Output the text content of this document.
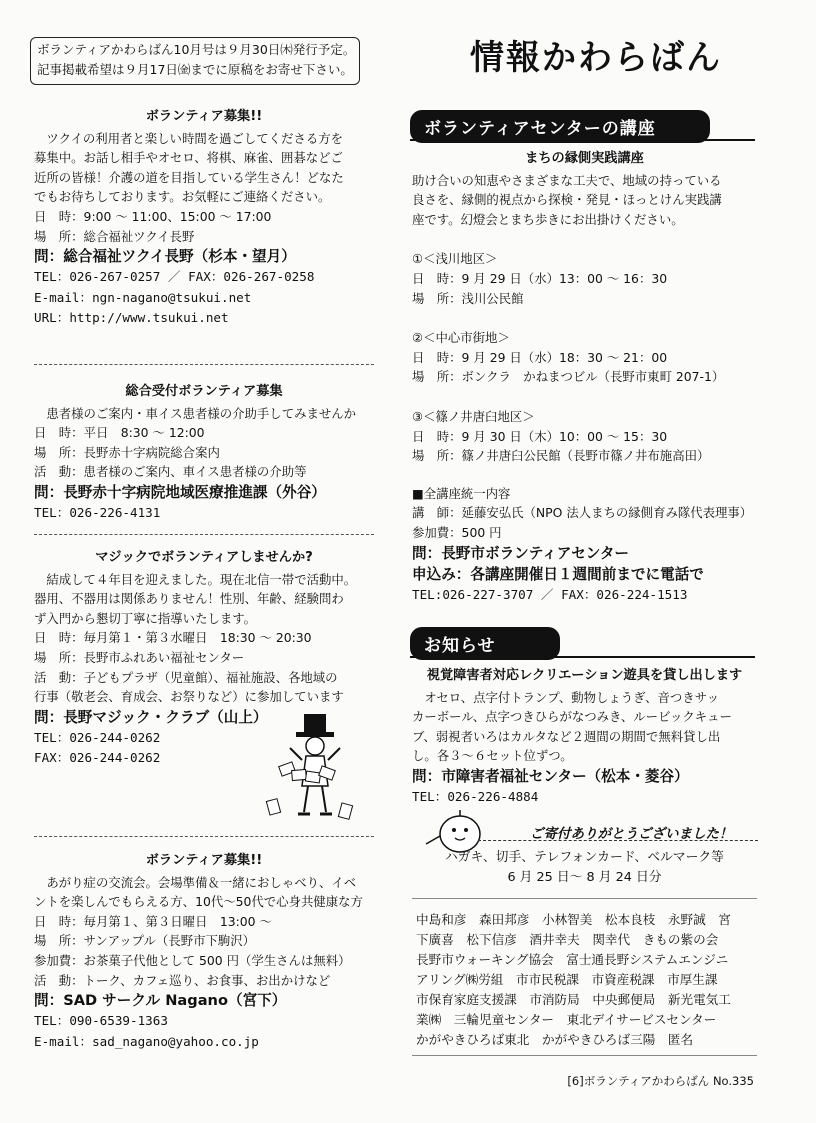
ボランティアかわらばん10月号は９月30日㈭発行予定。
記事掲載希望は９月17日㈮までに原稿をお寄せ下さい。	情報かわらばん
ボランティア募集!!
　ツクイの利用者と楽しい時間を過ごしてくださる方を
募集中。お話し相手やオセロ、将棋、麻雀、囲碁などご
近所の皆様！介護の道を目指している学生さん！どなた
でもお待ちしております。お気軽にご連絡ください。
日　時：9:00 ～ 11:00、15:00 ～ 17:00
場　所：総合福祉ツクイ長野
問：総合福祉ツクイ長野（杉本・望月）
TEL：026-267-0257 ／ FAX：026-267-0258
E-mail：ngn-nagano@tsukui.net
URL：http://www.tsukui.net
総合受付ボランティア募集
　患者様のご案内・車イス患者様の介助手してみませんか
日　時：平日　8:30 ～ 12:00
場　所：長野赤十字病院総合案内
活　動：患者様のご案内、車イス患者様の介助等
問：長野赤十字病院地域医療推進課（外谷）
TEL：026-226-4131
マジックでボランティアしませんか?
　結成して４年目を迎えました。現在北信一帯で活動中。
器用、不器用は関係ありません！性別、年齢、経験問わ
ず入門から懇切丁寧に指導いたします。
日　時：毎月第１・第３水曜日　18:30 ～ 20:30
場　所：長野市ふれあい福祉センター
活　動：子どもプラザ（児童館）、福祉施設、各地域の
行事（敬老会、育成会、お祭りなど）に参加しています
問：長野マジック・クラブ（山上）
TEL：026-244-0262
FAX：026-244-0262
ボランティア募集!!
　あがり症の交流会。会場準備＆一緒におしゃべり、イベ
ントを楽しんでもらえる方、10代～50代で心身共健康な方
日　時：毎月第１、第３日曜日　13:00 ～
場　所：サンアップル（長野市下駒沢）
参加費：お茶菓子代他として 500 円（学生さんは無料）
活　動：トーク、カフェ巡り、お食事、お出かけなど
問：SAD サークル Nagano（宮下）
TEL：090-6539-1363
E-mail：sad_nagano@yahoo.co.jp
ボランティアセンターの講座
まちの縁側実践講座
助け合いの知恵やさまざまな工夫で、地域の持っている
良さを、縁側的視点から探検・発見・ほっとけん実践講
座です。幻燈会とまち歩きにお出掛けください。
①＜浅川地区＞
日　時：9 月 29 日（水）13：00 ～ 16：30
場　所：浅川公民館
②＜中心市街地＞
日　時：9 月 29 日（水）18：30 ～ 21：00
場　所：ボンクラ　かねまつビル（長野市東町 207-1）
③＜篠ノ井唐臼地区＞
日　時：9 月 30 日（木）10：00 ～ 15：30
場　所：篠ノ井唐臼公民館（長野市篠ノ井布施高田）
■全講座統一内容
講　師：延藤安弘氏（NPO 法人まちの縁側育み隊代表理事）
参加費：500 円
問：長野市ボランティアセンター
申込み：各講座開催日１週間前までに電話で
TEL:026-227-3707 ／ FAX：026-224-1513
お知らせ
視覚障害者対応レクリエーション遊具を貸し出します
　オセロ、点字付トランプ、動物しょうぎ、音つきサッ
カーボール、点字つきひらがなつみき、ルービックキュー
ブ、弱視者いろはカルタなど２週間の期間で無料貸し出
し。各３～６セット位ずつ。
問：市障害者福祉センター（松本・菱谷）
TEL：026-226-4884
ご寄付ありがとうございました！
ハガキ、切手、テレフォンカード、ベルマーク等
6 月 25 日～ 8 月 24 日分
中島和彦　森田邦彦　小林智美　松本良枝　永野誠　宮
下廣喜　松下信彦　酒井幸夫　関幸代　きもの紫の会
長野市ウォーキング協会　富士通長野システムエンジニ
アリング㈱労組　市市民税課　市資産税課　市厚生課
市保育家庭支援課　市消防局　中央郵便局　新光電気工
業㈱　三輪児童センター　東北デイサービスセンター
かがやきひろば東北　かがやきひろば三陽　匿名
[6]ボランティアかわらばん No.335
